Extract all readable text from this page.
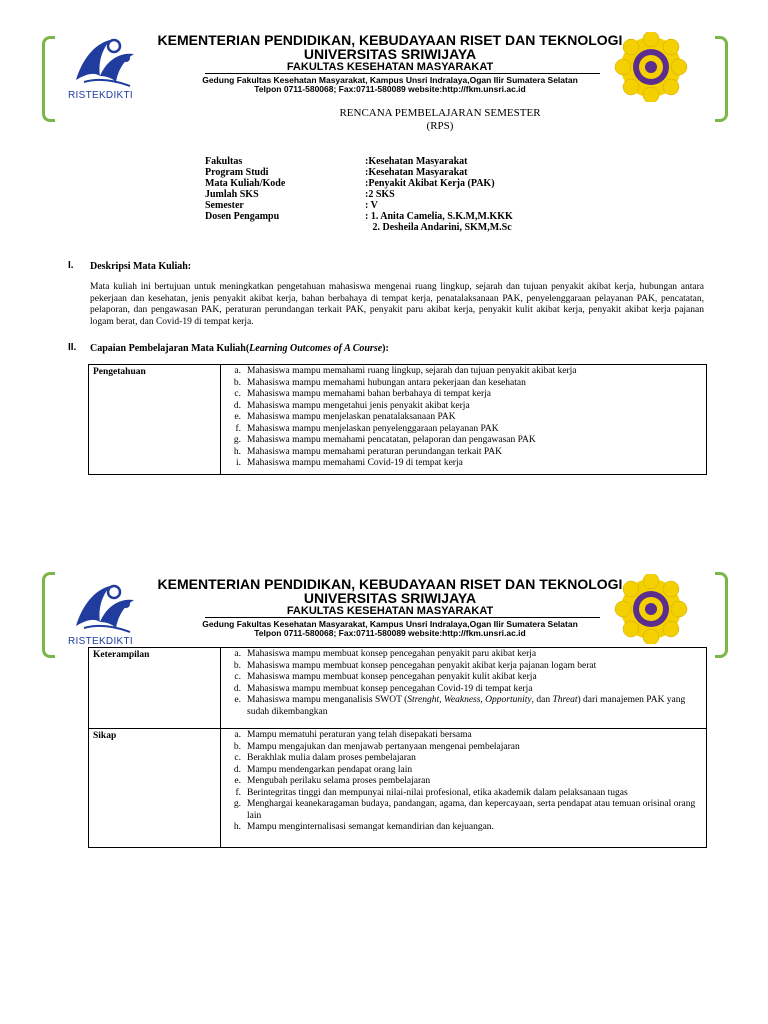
RISTEKDIKTI
KEMENTERIAN PENDIDIKAN, KEBUDAYAAN RISET DAN TEKNOLOGI
UNIVERSITAS SRIWIJAYA
FAKULTAS KESEHATAN MASYARAKAT
Gedung Fakultas Kesehatan Masyarakat, Kampus Unsri Indralaya,Ogan Ilir Sumatera Selatan
Telpon 0711-580068; Fax:0711-580089 website:http://fkm.unsri.ac.id
RENCANA PEMBELAJARAN SEMESTER
(RPS)
Fakultas	:Kesehatan Masyarakat
Program Studi	:Kesehatan Masyarakat
Mata Kuliah/Kode	:Penyakit Akibat Kerja (PAK)
Jumlah SKS	:2 SKS
Semester	: V
Dosen Pengampu	: 1. Anita Camelia, S.K.M,M.KKK
2. Desheila Andarini, SKM,M.Sc
I. Deskripsi Mata Kuliah:
Mata kuliah ini bertujuan untuk meningkatkan pengetahuan mahasiswa mengenai ruang lingkup, sejarah dan tujuan penyakit akibat kerja, hubungan antara pekerjaan dan kesehatan, jenis penyakit akibat kerja, bahan berbahaya di tempat kerja, penatalaksanaan PAK, penyelenggaraan pelayanan PAK, pencatatan, pelaporan, dan pengawasan PAK, peraturan perundangan terkait PAK, penyakit paru akibat kerja, penyakit kulit akibat kerja, penyakit akibat kerja pajanan logam berat, dan Covid-19 di tempat kerja.
II. Capaian Pembelajaran Mata Kuliah(Learning Outcomes of A Course):
Pengetahuan	a. Mahasiswa mampu memahami ruang lingkup, sejarah dan tujuan penyakit akibat kerja
b. Mahasiswa mampu memahami hubungan antara pekerjaan dan kesehatan
c. Mahasiswa mampu memahami bahan berbahaya di tempat kerja
d. Mahasiswa mampu mengetahui jenis penyakit akibat kerja
e. Mahasiswa mampu menjelaskan penatalaksanaan PAK
f. Mahasiswa mampu menjelaskan penyelenggaraan pelayanan PAK
g. Mahasiswa mampu memahami pencatatan, pelaporan dan pengawasan PAK
h. Mahasiswa mampu memahami peraturan perundangan terkait PAK
i. Mahasiswa mampu memahami Covid-19 di tempat kerja
RISTEKDIKTI
KEMENTERIAN PENDIDIKAN, KEBUDAYAAN RISET DAN TEKNOLOGI
UNIVERSITAS SRIWIJAYA
FAKULTAS KESEHATAN MASYARAKAT
Gedung Fakultas Kesehatan Masyarakat, Kampus Unsri Indralaya,Ogan Ilir Sumatera Selatan
Telpon 0711-580068; Fax:0711-580089 website:http://fkm.unsri.ac.id
Keterampilan	a. Mahasiswa mampu membuat konsep pencegahan penyakit paru akibat kerja
b. Mahasiswa mampu membuat konsep pencegahan penyakit akibat kerja pajanan logam berat
c. Mahasiswa mampu membuat konsep pencegahan penyakit kulit akibat kerja
d. Mahasiswa mampu membuat konsep pencegahan Covid-19 di tempat kerja
e. Mahasiswa mampu menganalisis SWOT (Strenght, Weakness, Opportunity, dan Threat) dari manajemen PAK yang sudah dikembangkan
Sikap	a. Mampu mematuhi peraturan yang telah disepakati bersama
b. Mampu mengajukan dan menjawab pertanyaan mengenai pembelajaran
c. Berakhlak mulia dalam proses pembelajaran
d. Mampu mendengarkan pendapat orang lain
e. Mengubah perilaku selama proses pembelajaran
f. Berintegritas tinggi dan mempunyai nilai-nilai profesional, etika akademik dalam pelaksanaan tugas
g. Menghargai keanekaragaman budaya, pandangan, agama, dan kepercayaan, serta pendapat atau temuan orisinal orang lain
h. Mampu menginternalisasi semangat kemandirian dan kejuangan.
